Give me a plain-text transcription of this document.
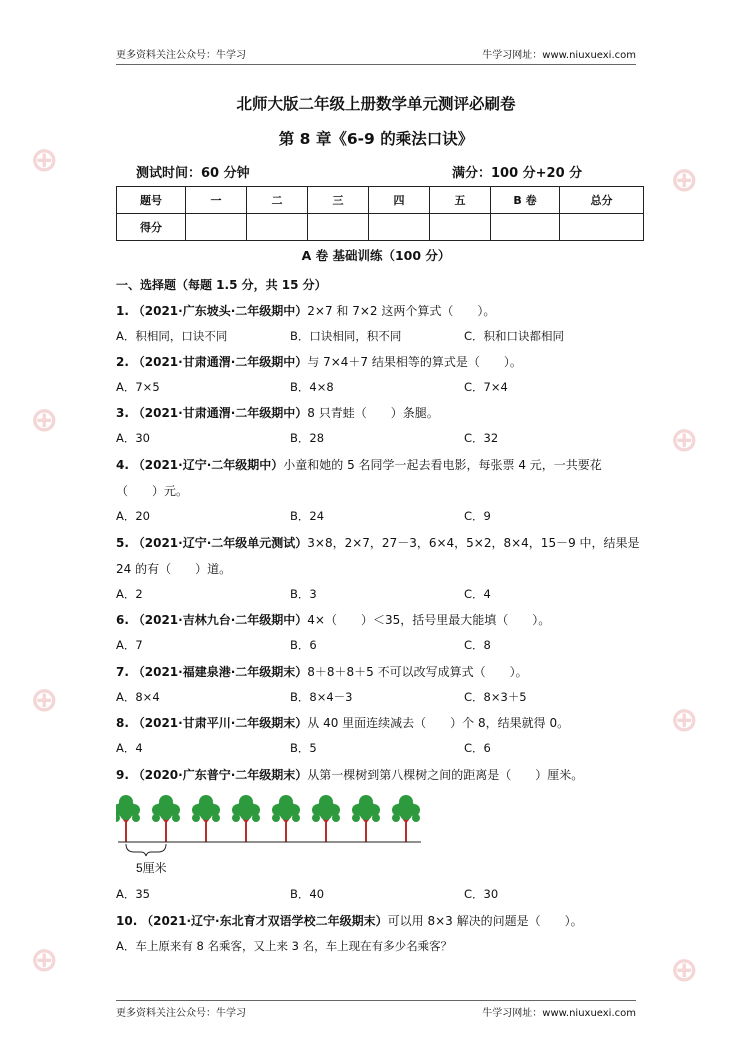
⊕	⊕
⊕	⊕
⊕	⊕
⊕	⊕
更多资料关注公众号：牛学习	牛学习网址：www.niuxuexi.com
北师大版二年级上册数学单元测评必刷卷
第 8 章《6-9 的乘法口诀》
测试时间：60 分钟	满分：100 分+20 分
题号	一	二	三	四	五	B 卷	总分
得分							
A 卷 基础训练（100 分）
一、选择题（每题 1.5 分，共 15 分）
1. （2021·广东坡头·二年级期中）2×7 和 7×2 这两个算式（　　）。
A．积相同，口诀不同	B．口诀相同，积不同	C．积和口诀都相同
2. （2021·甘肃通渭·二年级期中）与 7×4＋7 结果相等的算式是（　　）。
A．7×5	B．4×8	C．7×4
3. （2021·甘肃通渭·二年级期中）8 只青蛙（　　）条腿。
A．30	B．28	C．32
4. （2021·辽宁·二年级期中）小童和她的 5 名同学一起去看电影，每张票 4 元，一共要花
（　　）元。
A．20	B．24	C．9
5. （2021·辽宁·二年级单元测试）3×8，2×7，27－3，6×4，5×2，8×4，15－9 中，结果是
24 的有（　　）道。
A．2	B．3	C．4
6. （2021·吉林九台·二年级期中）4×（　　）＜35，括号里最大能填（　　）。
A．7	B．6	C．8
7. （2021·福建泉港·二年级期末）8＋8＋8＋5 不可以改写成算式（　　）。
A．8×4	B．8×4－3	C．8×3＋5
8. （2021·甘肃平川·二年级期末）从 40 里面连续减去（　　）个 8，结果就得 0。
A．4	B．5	C．6
9. （2020·广东普宁·二年级期末）从第一棵树到第八棵树之间的距离是（　　）厘米。
5厘米
A．35	B．40	C．30
10. （2021·辽宁·东北育才双语学校二年级期末）可以用 8×3 解决的问题是（　　）。
A．车上原来有 8 名乘客，又上来 3 名，车上现在有多少名乘客？
更多资料关注公众号：牛学习	牛学习网址：www.niuxuexi.com
